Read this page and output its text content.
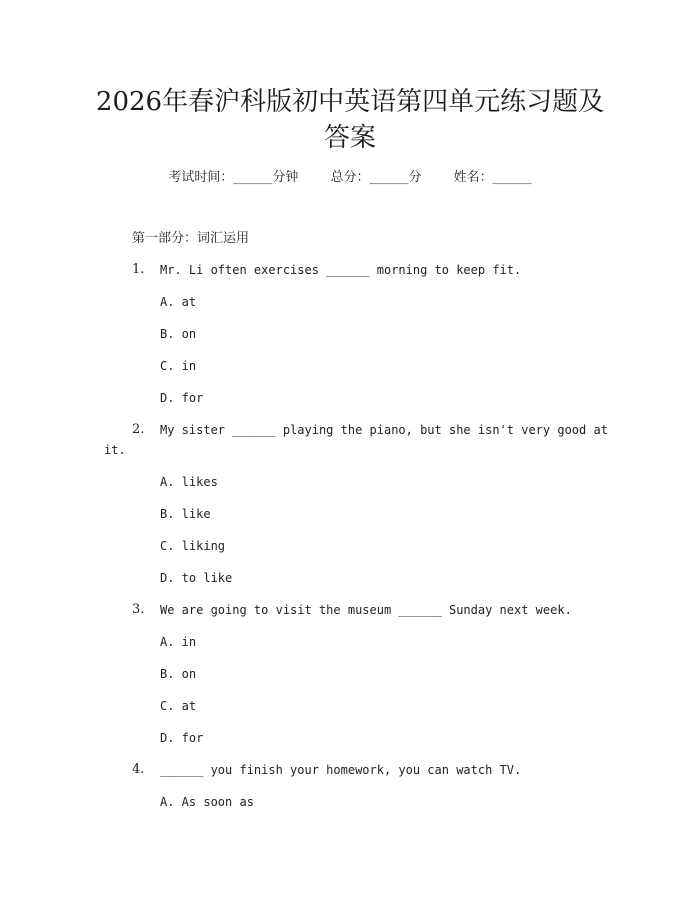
2026年春沪科版初中英语第四单元练习题及
答案
考试时间：______分钟 总分：______分 姓名：______
第一部分：词汇运用
1. Mr. Li often exercises ______ morning to keep fit.
A. at
B. on
C. in
D. for
2. My sister ______ playing the piano, but she isn't very good at
it.
A. likes
B. like
C. liking
D. to like
3. We are going to visit the museum ______ Sunday next week.
A. in
B. on
C. at
D. for
4. ______ you finish your homework, you can watch TV.
A. As soon as
